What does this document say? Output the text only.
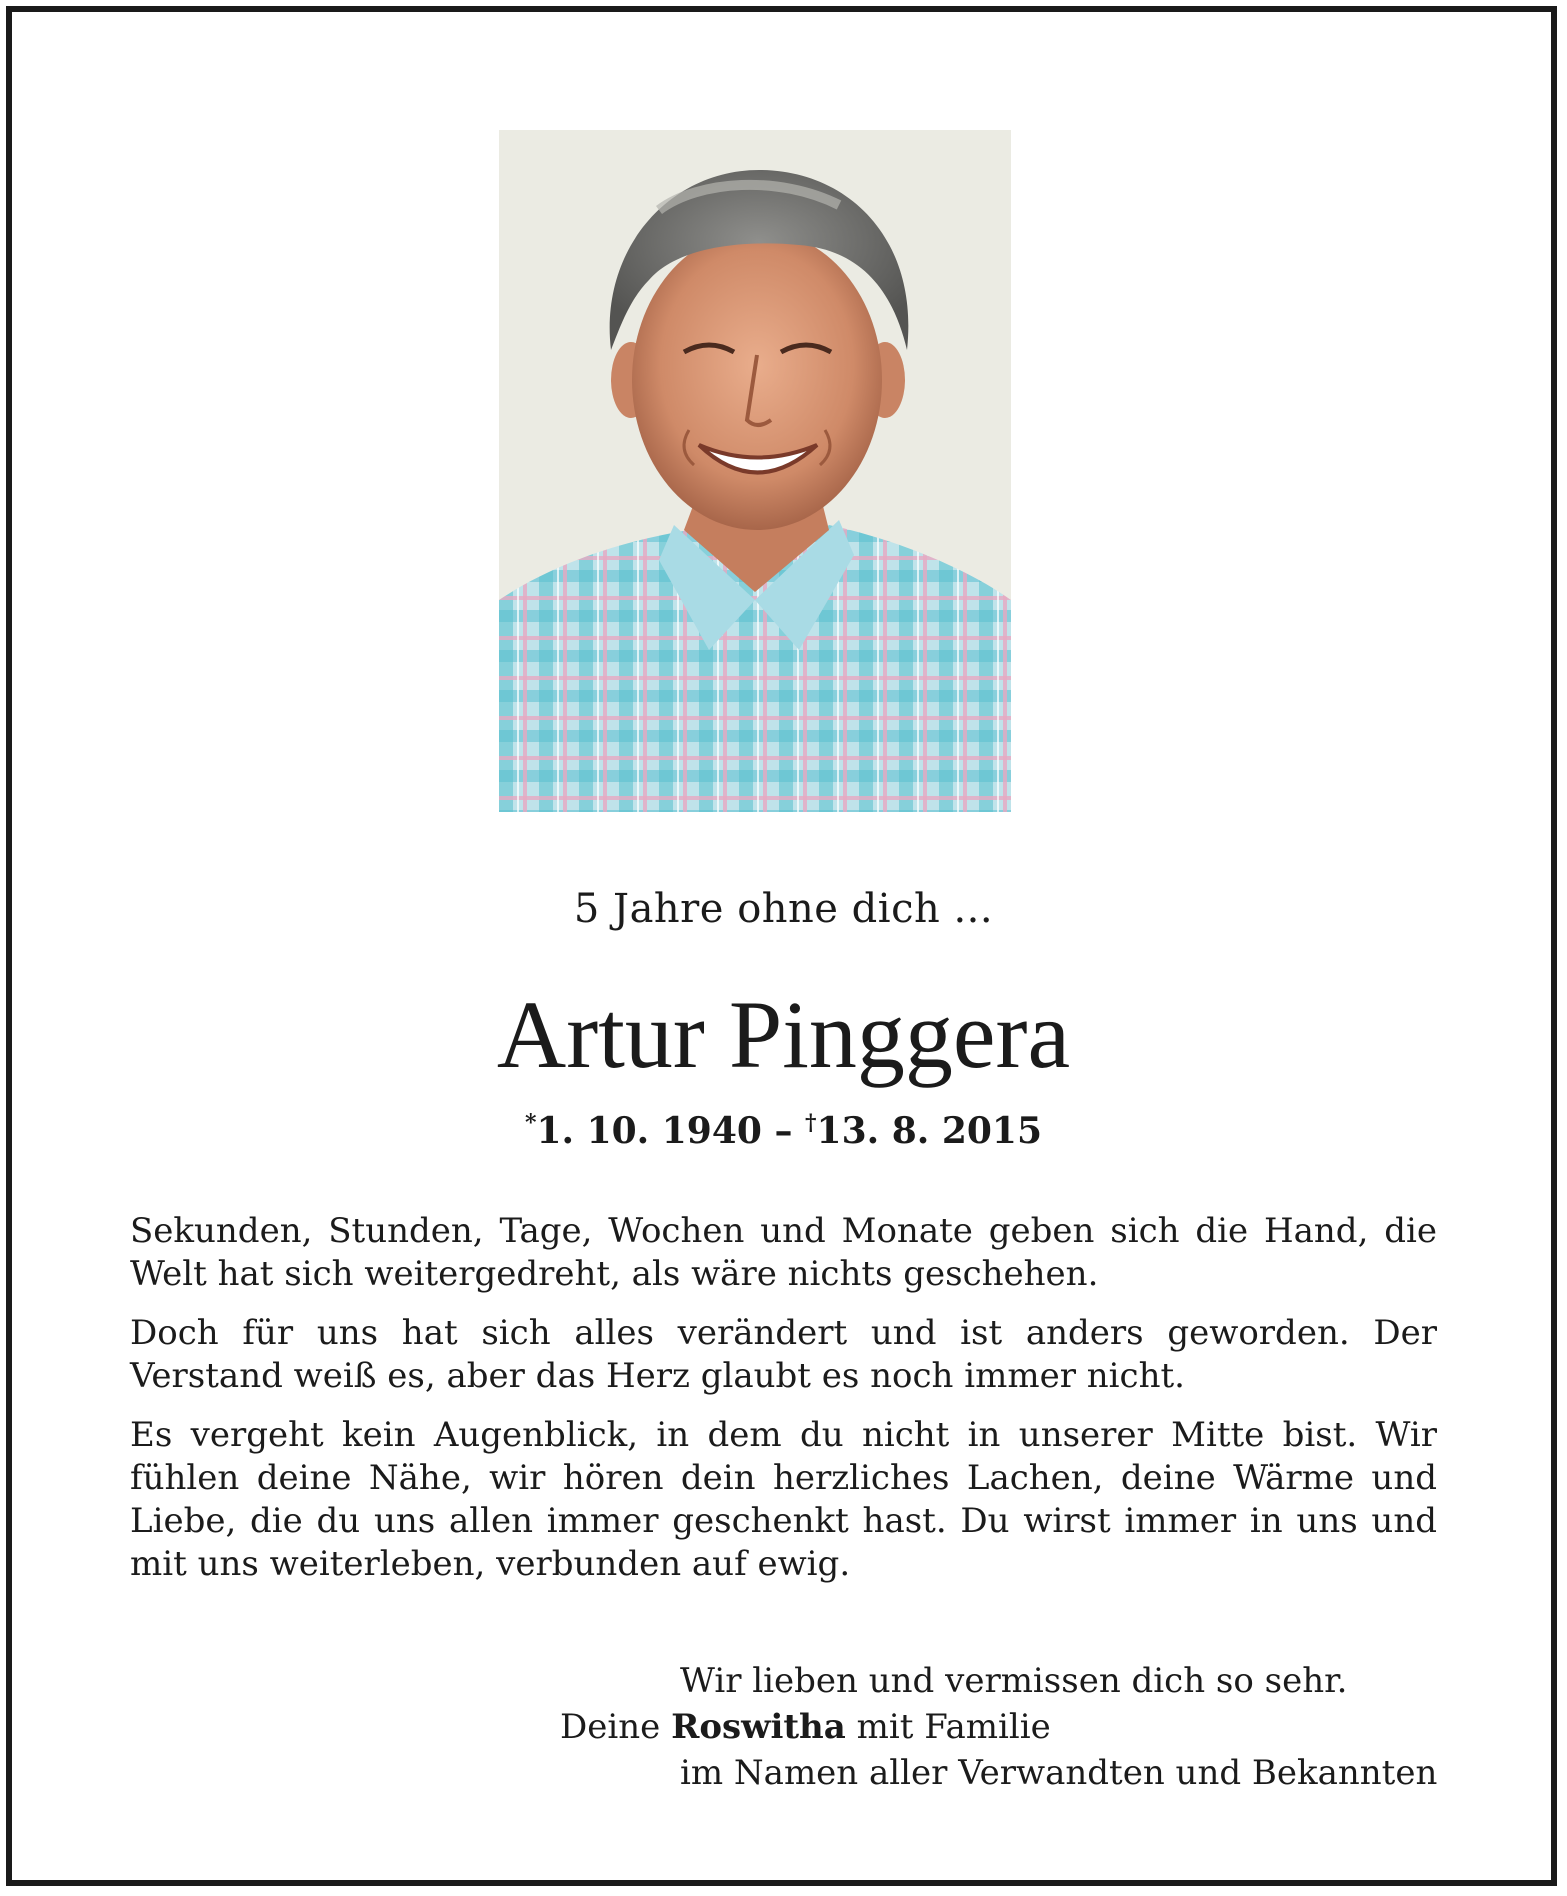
5 Jahre ohne dich ...
Artur Pinggera
*1. 10. 1940 – †13. 8. 2015

Sekunden, Stunden, Tage, Wochen und Monate geben sich die Hand, die Welt hat sich weitergedreht, als wäre nichts geschehen.

Doch für uns hat sich alles verändert und ist anders geworden. Der Verstand weiß es, aber das Herz glaubt es noch immer nicht.

Es vergeht kein Augenblick, in dem du nicht in unserer Mitte bist. Wir fühlen deine Nähe, wir hören dein herzliches Lachen, deine Wärme und Liebe, die du uns allen immer geschenkt hast. Du wirst immer in uns und mit uns weiterleben, verbunden auf ewig.

Wir lieben und vermissen dich so sehr.
Deine Roswitha mit Familie
im Namen aller Verwandten und Bekannten
